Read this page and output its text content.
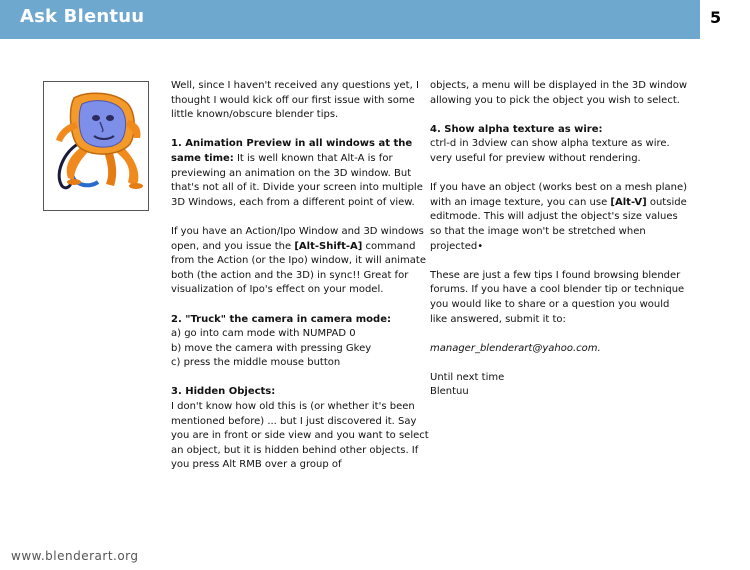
Ask Blentuu	5

Well, since I haven't received any questions yet, I thought I would kick off our first issue with some little known/obscure blender tips.

1. Animation Preview in all windows at the same time: It is well known that Alt-A is for previewing an animation on the 3D window. But that's not all of it. Divide your screen into multiple 3D Windows, each from a different point of view.

If you have an Action/Ipo Window and 3D windows open, and you issue the [Alt-Shift-A] command from the Action (or the Ipo) window, it will animate both (the action and the 3D) in sync!! Great for visualization of Ipo's effect on your model.

2. "Truck" the camera in camera mode:
a) go into cam mode with NUMPAD 0
b) move the camera with pressing Gkey
c) press the middle mouse button

3. Hidden Objects:
I don't know how old this is (or whether it's been mentioned before) ... but I just discovered it. Say you are in front or side view and you want to select an object, but it is hidden behind other objects. If you press Alt RMB over a group of

objects, a menu will be displayed in the 3D window allowing you to pick the object you wish to select.

4. Show alpha texture as wire:
ctrl-d in 3dview can show alpha texture as wire. very useful for preview without rendering.

If you have an object (works best on a mesh plane) with an image texture, you can use [Alt-V] outside editmode. This will adjust the object's size values so that the image won't be stretched when projected•

These are just a few tips I found browsing blender forums. If you have a cool blender tip or technique you would like to share or a question you would like answered, submit it to:

manager_blenderart@yahoo.com.

Until next time
Blentuu

www.blenderart.org
